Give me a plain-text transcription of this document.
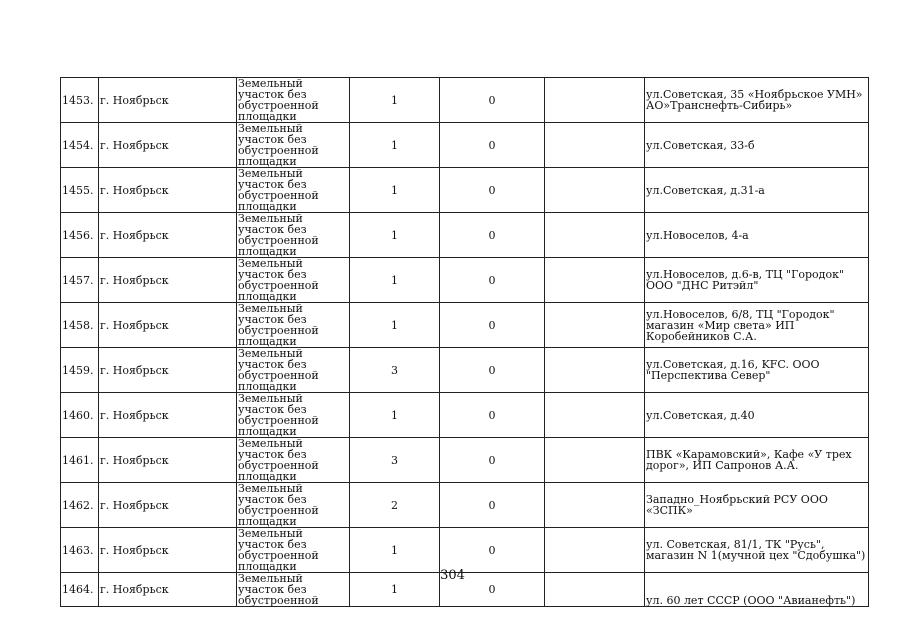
1453.	г. Ноябрьск	Земельный участок без обустроенной площадки	1	0		ул.Советская, 35 «Ноябрьское УМН» АО»Транснефть-Сибирь»
1454.	г. Ноябрьск	Земельный участок без обустроенной площадки	1	0		ул.Советская, 33-б
1455.	г. Ноябрьск	Земельный участок без обустроенной площадки	1	0		ул.Советская, д.31-а
1456.	г. Ноябрьск	Земельный участок без обустроенной площадки	1	0		ул.Новоселов, 4-а
1457.	г. Ноябрьск	Земельный участок без обустроенной площадки	1	0		ул.Новоселов, д.6-в, ТЦ "Городок" ООО "ДНС Ритэйл"
1458.	г. Ноябрьск	Земельный участок без обустроенной площадки	1	0		ул.Новоселов, 6/8, ТЦ "Городок" магазин «Мир света» ИП Коробейников С.А.
1459.	г. Ноябрьск	Земельный участок без обустроенной площадки	3	0		ул.Советская, д.16, KFC. ООО "Перспектива Север"
1460.	г. Ноябрьск	Земельный участок без обустроенной площадки	1	0		ул.Советская, д.40
1461.	г. Ноябрьск	Земельный участок без обустроенной площадки	3	0		ПВК «Карамовский», Кафе «У трех дорог», ИП Сапронов А.А.
1462.	г. Ноябрьск	Земельный участок без обустроенной площадки	2	0		Западно_Ноябрьский РСУ ООО «ЗСПК»
1463.	г. Ноябрьск	Земельный участок без обустроенной площадки	1	0		ул. Советская, 81/1, ТК "Русь", магазин N 1(мучной цех "Сдобушка")
1464.	г. Ноябрьск	Земельный участок без обустроенной	1	0		ул. 60 лет СССР (ООО "Авианефть")
304
